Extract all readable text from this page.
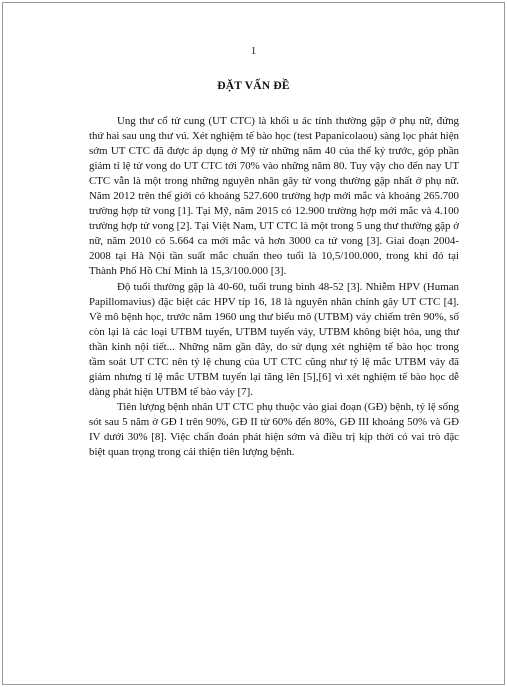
1
ĐẶT VẤN ĐỀ

Ung thư cổ tử cung (UT CTC) là khối u ác tính thường gặp ở phụ nữ, đứng thứ hai sau ung thư vú. Xét nghiệm tế bào học (test Papanicolaou) sàng lọc phát hiện sớm UT CTC đã được áp dụng ở Mỹ từ những năm 40 của thế kỷ trước, góp phần giảm tỉ lệ tử vong do UT CTC tới 70% vào những năm 80. Tuy vậy cho đến nay UT CTC vẫn là một trong những nguyên nhân gây tử vong thường gặp nhất ở phụ nữ. Năm 2012 trên thế giới có khoảng 527.600 trường hợp mới mắc và khoảng 265.700 trường hợp tử vong [1]. Tại Mỹ, năm 2015 có 12.900 trường hợp mới mắc và 4.100 trường hợp tử vong [2]. Tại Việt Nam, UT CTC là một trong 5 ung thư thường gặp ở nữ, năm 2010 có 5.664 ca mới mắc và hơn 3000 ca tử vong [3]. Giai đoạn 2004-2008 tại Hà Nội tần suất mắc chuẩn theo tuổi là 10,5/100.000, trong khi đó tại Thành Phố Hồ Chí Minh là 15,3/100.000 [3].

Độ tuổi thường gặp là 40-60, tuổi trung bình 48-52 [3]. Nhiễm HPV (Human Papillomavius) đặc biệt các HPV típ 16, 18 là nguyên nhân chính gây UT CTC [4]. Về mô bệnh học, trước năm 1960 ung thư biểu mô (UTBM) vảy chiếm trên 90%, số còn lại là các loại UTBM tuyến, UTBM tuyến vảy, UTBM không biệt hóa, ung thư thần kinh nội tiết... Những năm gần đây, do sử dụng xét nghiệm tế bào học trong tầm soát UT CTC nên tỷ lệ chung của UT CTC cũng như tỷ lệ mắc UTBM vảy đã giảm nhưng tỉ lệ mắc UTBM tuyến lại tăng lên [5],[6] vì xét nghiệm tế bào học dễ dàng phát hiện UTBM tế bào vảy [7].

Tiên lượng bệnh nhân UT CTC phụ thuộc vào giai đoạn (GĐ) bệnh, tỷ lệ sống sót sau 5 năm ở GĐ I trên 90%, GĐ II từ 60% đến 80%, GĐ III khoảng 50% và GĐ IV dưới 30% [8]. Việc chẩn đoán phát hiện sớm và điều trị kịp thời có vai trò đặc biệt quan trọng trong cải thiện tiên lượng bệnh.
